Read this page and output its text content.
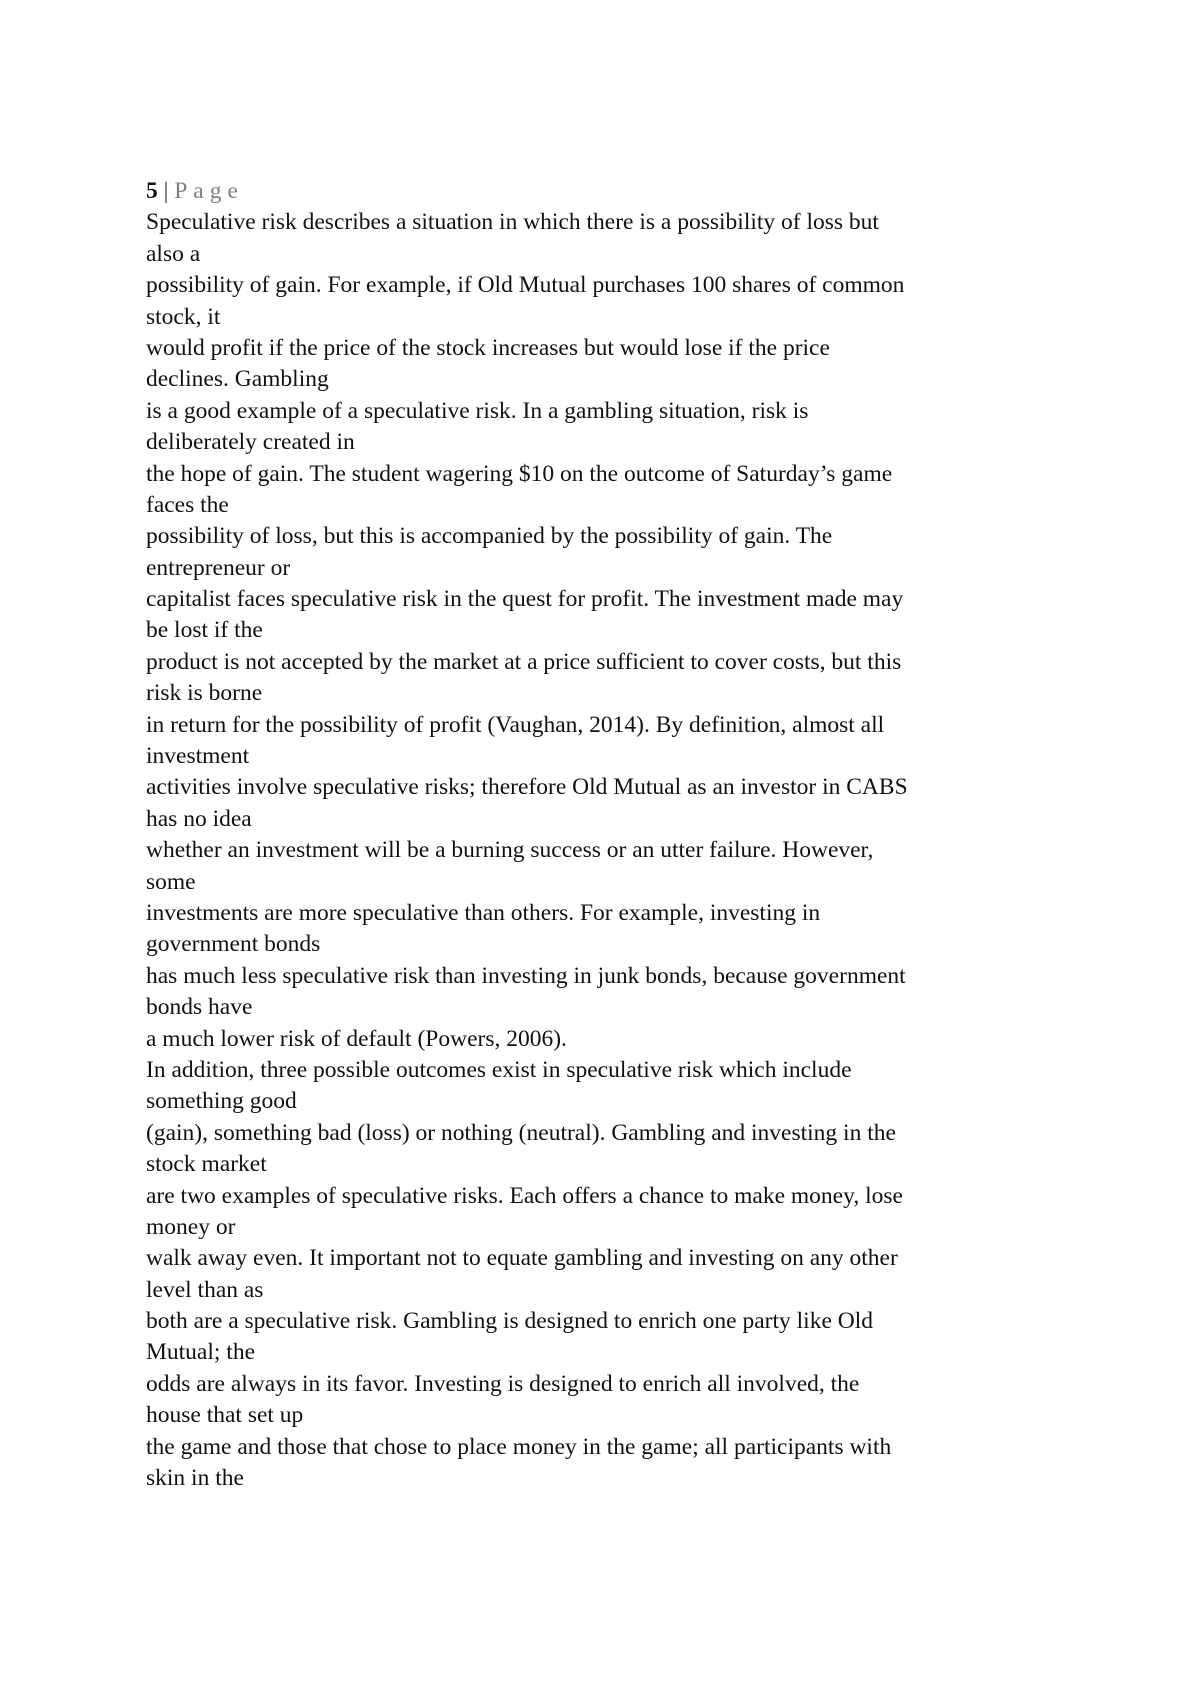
5 | Page
Speculative risk describes a situation in which there is a possibility of loss but
also a
possibility of gain. For example, if Old Mutual purchases 100 shares of common
stock, it
would profit if the price of the stock increases but would lose if the price
declines. Gambling
is a good example of a speculative risk. In a gambling situation, risk is
deliberately created in
the hope of gain. The student wagering $10 on the outcome of Saturday’s game
faces the
possibility of loss, but this is accompanied by the possibility of gain. The
entrepreneur or
capitalist faces speculative risk in the quest for profit. The investment made may
be lost if the
product is not accepted by the market at a price sufficient to cover costs, but this
risk is borne
in return for the possibility of profit (Vaughan, 2014). By definition, almost all
investment
activities involve speculative risks; therefore Old Mutual as an investor in CABS
has no idea
whether an investment will be a burning success or an utter failure. However,
some
investments are more speculative than others. For example, investing in
government bonds
has much less speculative risk than investing in junk bonds, because government
bonds have
a much lower risk of default (Powers, 2006).
In addition, three possible outcomes exist in speculative risk which include
something good
(gain), something bad (loss) or nothing (neutral). Gambling and investing in the
stock market
are two examples of speculative risks. Each offers a chance to make money, lose
money or
walk away even. It important not to equate gambling and investing on any other
level than as
both are a speculative risk. Gambling is designed to enrich one party like Old
Mutual; the
odds are always in its favor. Investing is designed to enrich all involved, the
house that set up
the game and those that chose to place money in the game; all participants with
skin in the
